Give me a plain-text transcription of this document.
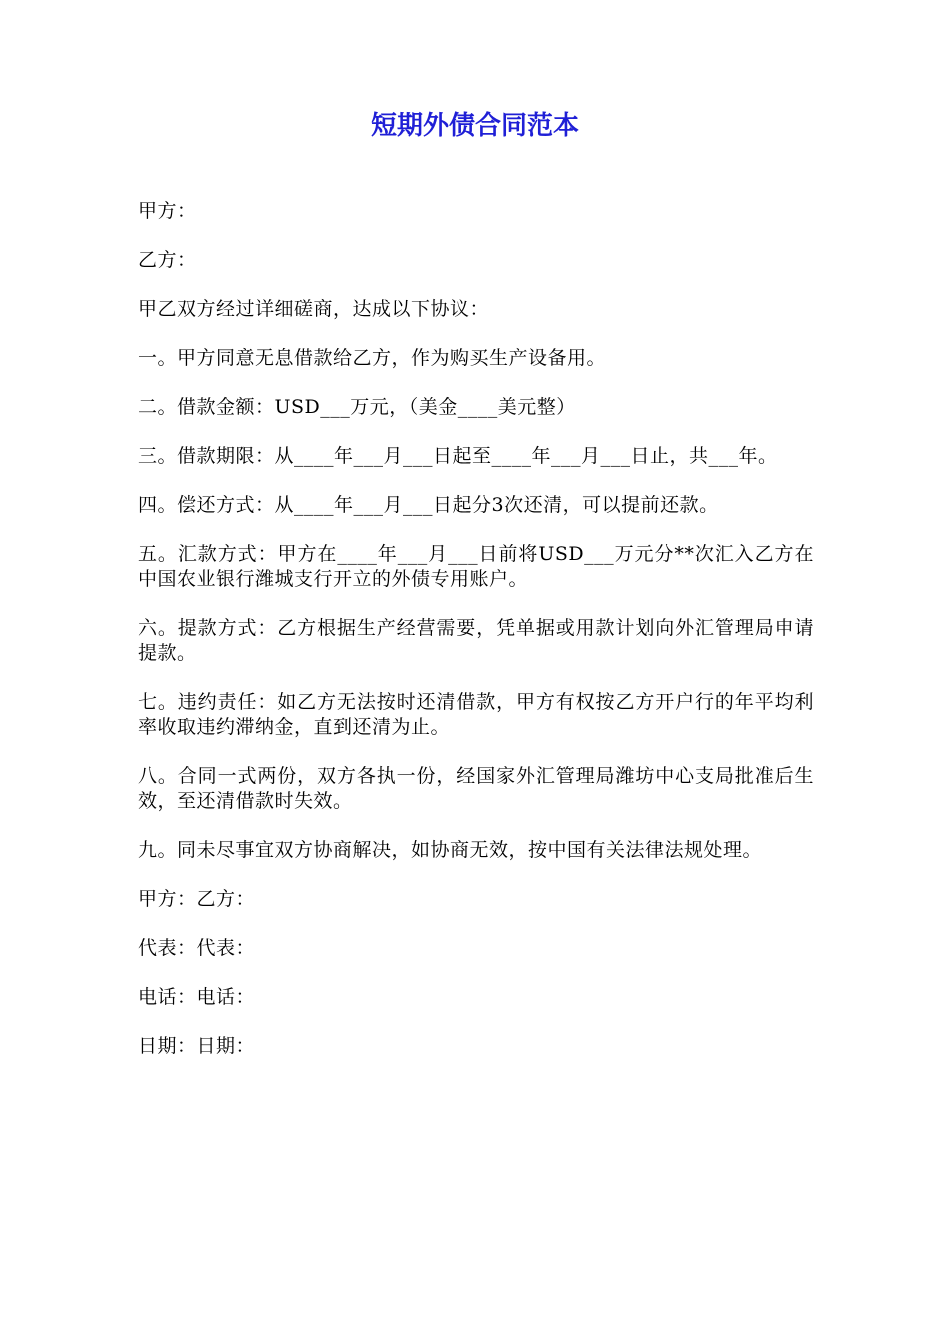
短期外债合同范本

甲方：

乙方：

甲乙双方经过详细磋商，达成以下协议：

一。甲方同意无息借款给乙方，作为购买生产设备用。

二。借款金额：USD___万元，（美金____美元整）

三。借款期限：从____年___月___日起至____年___月___日止，共___年。

四。偿还方式：从____年___月___日起分3次还清，可以提前还款。

五。汇款方式：甲方在____年___月___日前将USD___万元分**次汇入乙方在中国农业银行潍城支行开立的外债专用账户。

六。提款方式：乙方根据生产经营需要，凭单据或用款计划向外汇管理局申请提款。

七。违约责任：如乙方无法按时还清借款，甲方有权按乙方开户行的年平均利率收取违约滞纳金，直到还清为止。

八。合同一式两份，双方各执一份，经国家外汇管理局潍坊中心支局批准后生效，至还清借款时失效。

九。同未尽事宜双方协商解决，如协商无效，按中国有关法律法规处理。

甲方：乙方：

代表：代表：

电话：电话：

日期：日期：
